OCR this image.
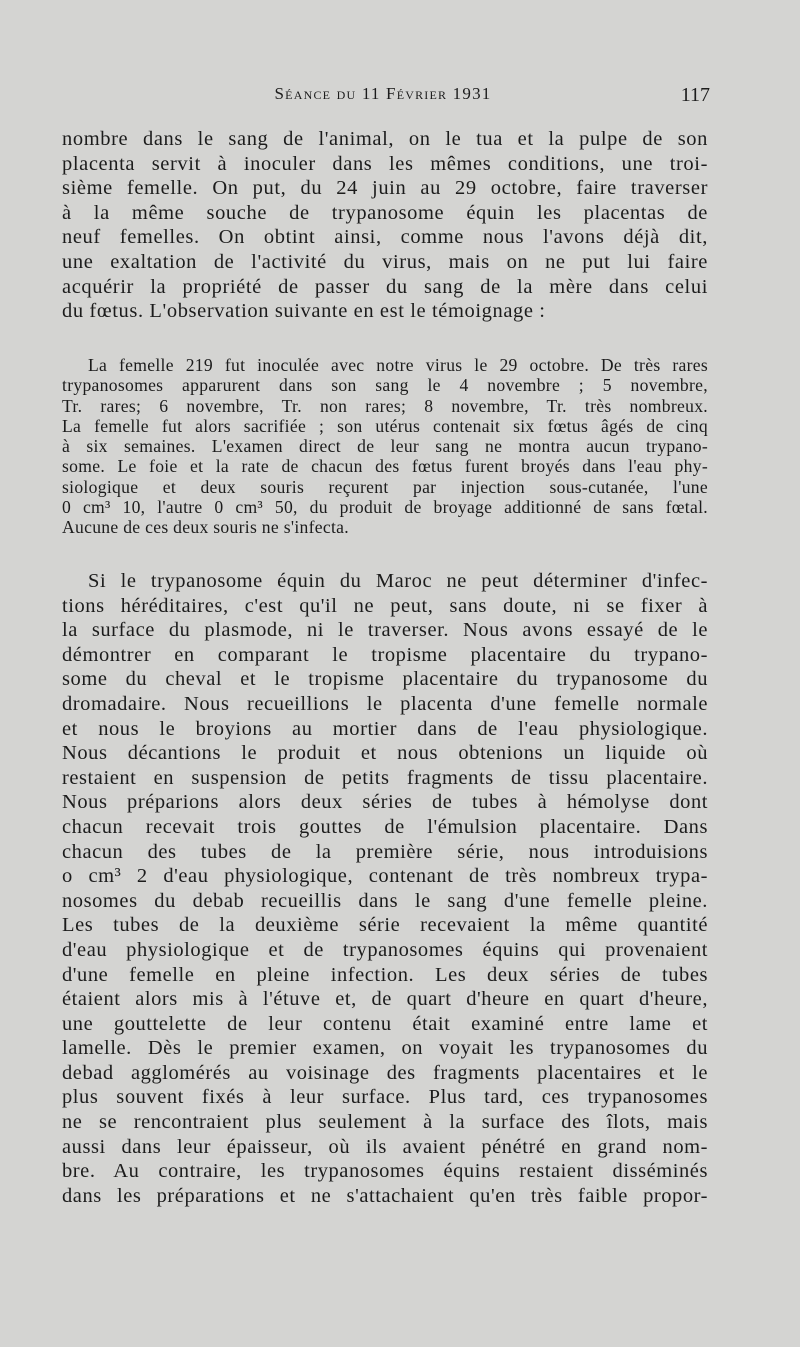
Séance du 11 Février 1931	117
nombre dans le sang de l'animal, on le tua et la pulpe de son
placenta servit à inoculer dans les mêmes conditions, une troi-
sième femelle. On put, du 24 juin au 29 octobre, faire traverser
à la même souche de trypanosome équin les placentas de
neuf femelles. On obtint ainsi, comme nous l'avons déjà dit,
une exaltation de l'activité du virus, mais on ne put lui faire
acquérir la propriété de passer du sang de la mère dans celui
du fœtus. L'observation suivante en est le témoignage :
La femelle 219 fut inoculée avec notre virus le 29 octobre. De très rares
trypanosomes apparurent dans son sang le 4 novembre ; 5 novembre,
Tr. rares; 6 novembre, Tr. non rares; 8 novembre, Tr. très nombreux.
La femelle fut alors sacrifiée ; son utérus contenait six fœtus âgés de cinq
à six semaines. L'examen direct de leur sang ne montra aucun trypano-
some. Le foie et la rate de chacun des fœtus furent broyés dans l'eau phy-
siologique et deux souris reçurent par injection sous-cutanée, l'une
0 cm³ 10, l'autre 0 cm³ 50, du produit de broyage additionné de sans fœtal.
Aucune de ces deux souris ne s'infecta.
Si le trypanosome équin du Maroc ne peut déterminer d'infec-
tions héréditaires, c'est qu'il ne peut, sans doute, ni se fixer à
la surface du plasmode, ni le traverser. Nous avons essayé de le
démontrer en comparant le tropisme placentaire du trypano-
some du cheval et le tropisme placentaire du trypanosome du
dromadaire. Nous recueillions le placenta d'une femelle normale
et nous le broyions au mortier dans de l'eau physiologique.
Nous décantions le produit et nous obtenions un liquide où
restaient en suspension de petits fragments de tissu placentaire.
Nous préparions alors deux séries de tubes à hémolyse dont
chacun recevait trois gouttes de l'émulsion placentaire. Dans
chacun des tubes de la première série, nous introduisions
o cm³ 2 d'eau physiologique, contenant de très nombreux trypa-
nosomes du debab recueillis dans le sang d'une femelle pleine.
Les tubes de la deuxième série recevaient la même quantité
d'eau physiologique et de trypanosomes équins qui provenaient
d'une femelle en pleine infection. Les deux séries de tubes
étaient alors mis à l'étuve et, de quart d'heure en quart d'heure,
une gouttelette de leur contenu était examiné entre lame et
lamelle. Dès le premier examen, on voyait les trypanosomes du
debad agglomérés au voisinage des fragments placentaires et le
plus souvent fixés à leur surface. Plus tard, ces trypanosomes
ne se rencontraient plus seulement à la surface des îlots, mais
aussi dans leur épaisseur, où ils avaient pénétré en grand nom-
bre. Au contraire, les trypanosomes équins restaient disséminés
dans les préparations et ne s'attachaient qu'en très faible propor-
